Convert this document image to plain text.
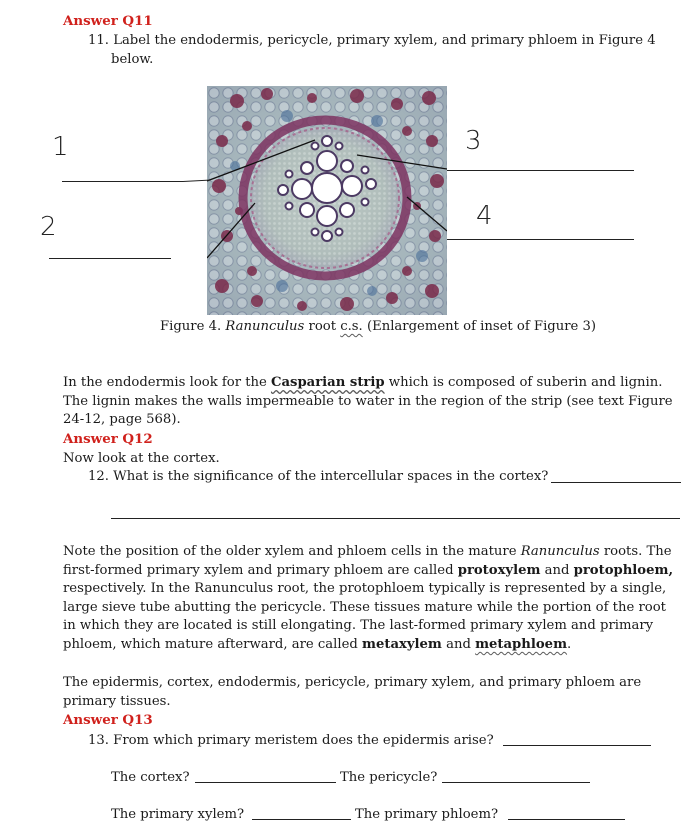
Answer Q11
11. Label the endodermis, pericycle, primary xylem, and primary phloem in Figure 4
below.
1
2
3
4
Figure 4. Ranunculus root c.s. (Enlargement of inset of Figure 3)
In the endodermis look for the Casparian strip which is composed of suberin and lignin.
The lignin makes the walls impermeable to water in the region of the strip (see text Figure
24-12, page 568).
Answer Q12
Now look at the cortex.
12. What is the significance of the intercellular spaces in the cortex?
Note the position of the older xylem and phloem cells in the mature Ranunculus roots. The
first-formed primary xylem and primary phloem are called protoxylem and protophloem,
respectively. In the Ranunculus root, the protophloem typically is represented by a single,
large sieve tube abutting the pericycle. These tissues mature while the portion of the root
in which they are located is still elongating. The last-formed primary xylem and primary
phloem, which mature afterward, are called metaxylem and metaphloem.
The epidermis, cortex, endodermis, pericycle, primary xylem, and primary phloem are
primary tissues.
Answer Q13
13. From which primary meristem does the epidermis arise?
The cortex?	The pericycle?
The primary xylem?	The primary phloem?
